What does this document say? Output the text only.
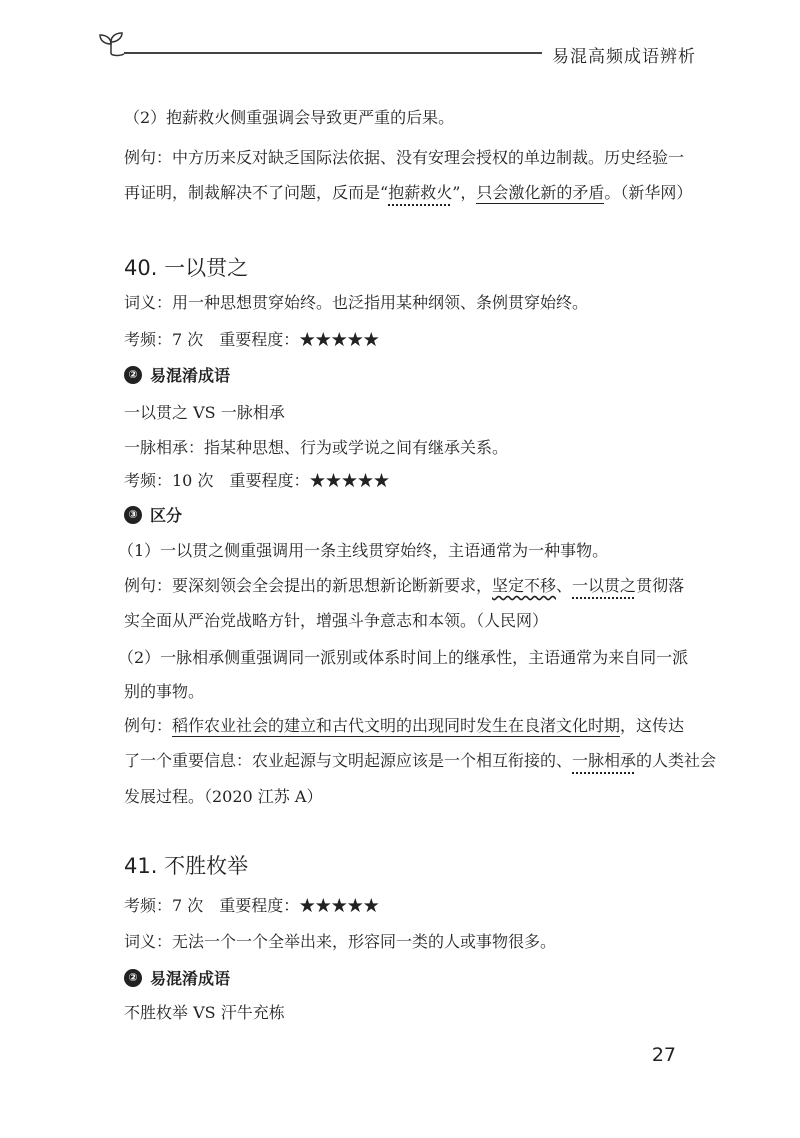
易混高频成语辨析
（2）抱薪救火侧重强调会导致更严重的后果。
例句：中方历来反对缺乏国际法依据、没有安理会授权的单边制裁。历史经验一
再证明，制裁解决不了问题，反而是“抱薪救火”，只会激化新的矛盾。（新华网）
40. 一以贯之
词义：用一种思想贯穿始终。也泛指用某种纲领、条例贯穿始终。
考频：7 次　重要程度：★★★★★
② 易混淆成语
一以贯之 VS 一脉相承
一脉相承：指某种思想、行为或学说之间有继承关系。
考频：10 次　重要程度：★★★★★
③ 区分
（1）一以贯之侧重强调用一条主线贯穿始终，主语通常为一种事物。
例句：要深刻领会全会提出的新思想新论断新要求，坚定不移、一以贯之贯彻落
实全面从严治党战略方针，增强斗争意志和本领。（人民网）
（2）一脉相承侧重强调同一派别或体系时间上的继承性，主语通常为来自同一派
别的事物。
例句：稻作农业社会的建立和古代文明的出现同时发生在良渚文化时期，这传达
了一个重要信息：农业起源与文明起源应该是一个相互衔接的、一脉相承的人类社会
发展过程。（2020 江苏 A）
41. 不胜枚举
考频：7 次　重要程度：★★★★★
词义：无法一个一个全举出来，形容同一类的人或事物很多。
② 易混淆成语
不胜枚举 VS 汗牛充栋
27
